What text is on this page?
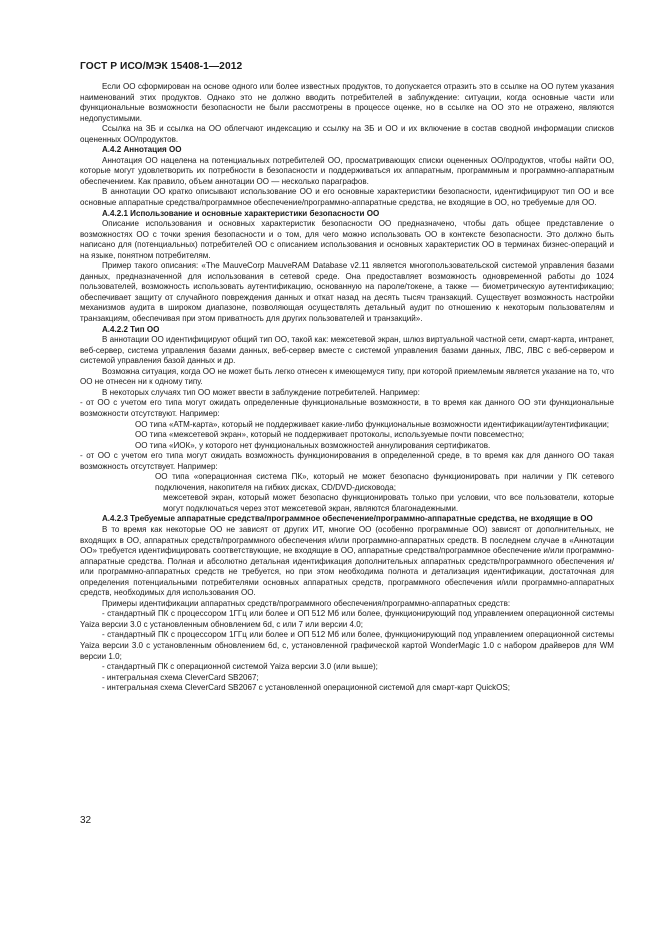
ГОСТ Р ИСО/МЭК 15408-1—2012

Если ОО сформирован на основе одного или более известных продуктов, то допускается отразить это в ссылке на ОО путем указания наименований этих продуктов. Однако это не должно вводить потребителей в заблуждение: ситуации, когда основные части или функциональные возможности безопасности не были рассмотрены в процессе оценке, но в ссылке на ОО это не отражено, являются недопустимыми.

Ссылка на ЗБ и ссылка на ОО облегчают индексацию и ссылку на ЗБ и ОО и их включение в состав сводной информации списков оцененных ОО/продуктов.

А.4.2 Аннотация ОО

Аннотация ОО нацелена на потенциальных потребителей ОО, просматривающих списки оцененных ОО/продуктов, чтобы найти ОО, которые могут удовлетворить их потребности в безопасности и поддерживаться их аппаратным, программным и программно-аппаратным обеспечением. Как правило, объем аннотации ОО — несколько параграфов.

В аннотации ОО кратко описывают использование ОО и его основные характеристики безопасности, идентифицируют тип ОО и все основные аппаратные средства/программное обеспечение/программно-аппаратные средства, не входящие в ОО, но требуемые для ОО.

А.4.2.1 Использование и основные характеристики безопасности ОО

Описание использования и основных характеристик безопасности ОО предназначено, чтобы дать общее представление о возможностях ОО с точки зрения безопасности и о том, для чего можно использовать ОО в контексте безопасности. Это должно быть написано для (потенциальных) потребителей ОО с описанием использования и основных характеристик ОО в терминах бизнес-операций и на языке, понятном потребителям.

Пример такого описания: «The MauveCorp MauveRAM Database v2.11 является многопользовательской системой управления базами данных, предназначенной для использования в сетевой среде. Она предоставляет возможность одновременной работы до 1024 пользователей, возможность использовать аутентификацию, основанную на пароле/токене, а также — биометрическую аутентификацию; обеспечивает защиту от случайного повреждения данных и откат назад на десять тысяч транзакций. Существует возможность настройки механизмов аудита в широком диапазоне, позволяющая осуществлять детальный аудит по отношению к некоторым пользователям и транзакциям, обеспечивая при этом приватность для других пользователей и транзакций».

А.4.2.2 Тип ОО

В аннотации ОО идентифицируют общий тип ОО, такой как: межсетевой экран, шлюз виртуальной частной сети, смарт-карта, интранет, веб-сервер, система управления базами данных, веб-сервер вместе с системой управления базами данных, ЛВС, ЛВС с веб-сервером и системой управления базой данных и др.

Возможна ситуация, когда ОО не может быть легко отнесен к имеющемуся типу, при которой приемлемым является указание на то, что ОО не отнесен ни к одному типу.

В некоторых случаях тип ОО может ввести в заблуждение потребителей. Например:

- от ОО с учетом его типа могут ожидать определенные функциональные возможности, в то время как данного ОО эти функциональные возможности отсутствуют. Например:

ОО типа «АТМ-карта», который не поддерживает какие-либо функциональные возможности идентификации/аутентификации;

ОО типа «межсетевой экран», который не поддерживает протоколы, используемые почти повсеместно;

ОО типа «ИОК», у которого нет функциональных возможностей аннулирования сертификатов.

- от ОО с учетом его типа могут ожидать возможность функционирования в определенной среде, в то время как для данного ОО такая возможность отсутствует. Например:

ОО типа «операционная система ПК», который не может безопасно функционировать при наличии у ПК сетевого подключения, накопителя на гибких дисках, CD/DVD-дисковода;

межсетевой экран, который может безопасно функционировать только при условии, что все пользователи, которые могут подключаться через этот межсетевой экран, являются благонадежными.

А.4.2.3 Требуемые аппаратные средства/программное обеспечение/программно-аппаратные средства, не входящие в ОО

В то время как некоторые ОО не зависят от других ИТ, многие ОО (особенно программные ОО) зависят от дополнительных, не входящих в ОО, аппаратных средств/программного обеспечения и/или программно-аппаратных средств. В последнем случае в «Аннотации ОО» требуется идентифицировать соответствующие, не входящие в ОО, аппаратные средства/программное обеспечение и/или программно-аппаратные средства. Полная и абсолютно детальная идентификация дополнительных аппаратных средств/программного обеспечения и/или программно-аппаратных средств не требуется, но при этом необходима полнота и детализация идентификации, достаточная для определения потенциальными потребителями основных аппаратных средств, программного обеспечения и/или программно-аппаратных средств, необходимых для использования ОО.

Примеры идентификации аппаратных средств/программного обеспечения/программно-аппаратных средств:

- стандартный ПК с процессором 1ГГц или более и ОП 512 Мб или более, функционирующий под управлением операционной системы Yaiza версии 3.0 с установленным обновлением 6d, с или 7 или версии 4.0;

- стандартный ПК с процессором 1ГГц или более и ОП 512 Мб или более, функционирующий под управлением операционной системы Yaiza версии 3.0 с установленным обновлением 6d, с, установленной графической картой WonderMagic 1.0 с набором драйверов для WM версии 1.0;

- стандартный ПК с операционной системой Yaiza версии 3.0 (или выше);

- интегральная схема CleverCard SB2067;

- интегральная схема CleverCard SB2067 с установленной операционной системой для смарт-карт QuickOS;

32
